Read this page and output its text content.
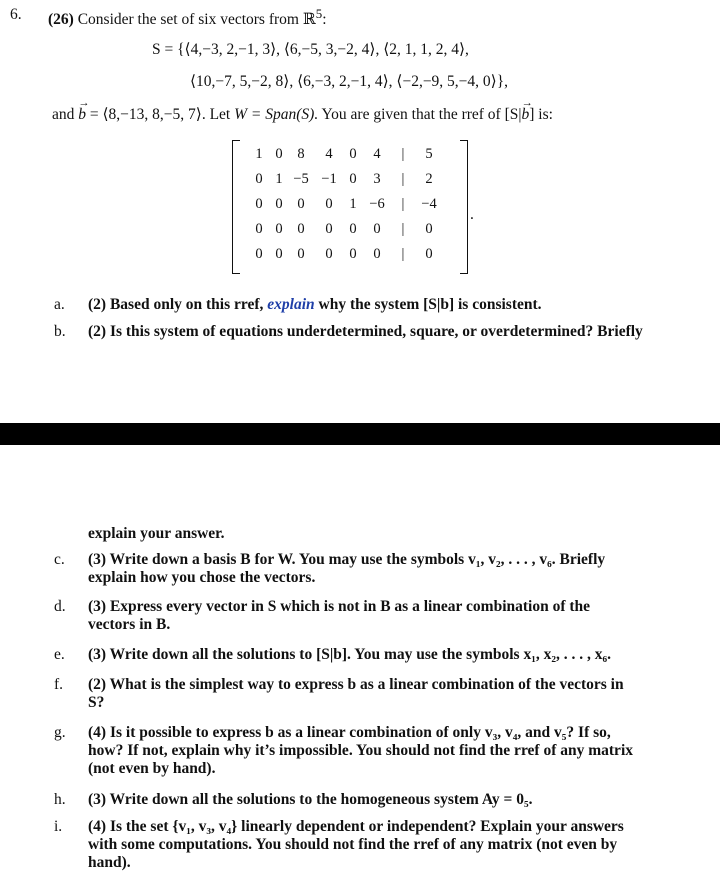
6. (26) Consider the set of six vectors from ℝ$^5$:
S = {⟨4,−3, 2,−1, 3⟩, ⟨6,−5, 3,−2, 4⟩, ⟨2, 1, 1, 2, 4⟩,
⟨10,−7, 5,−2, 8⟩, ⟨6,−3, 2,−1, 4⟩, ⟨−2,−9, 5,−4, 0⟩},
and → b = ⟨8,−13, 8,−5, 7⟩. Let W = Span(S). You are given that the rref of [S|→ b] is:
1 0	8	4	0	4	|	5
0 1 −5 −1 0	3	|	2
0 0	0	0	1 −6	|	−4
0 0	0	0	0	0	|	0
0 0	0	0	0	0	|	0
.
a.	(2) Based only on this rref, explain why the system [S|b] is consistent.
b.	(2) Is this system of equations underdetermined, square, or overdetermined? Briefly
explain your answer.
c.	(3) Write down a basis B for W. You may use the symbols v₁, v₂, . . . , v₆. Briefly
explain how you chose the vectors.
d.	(3) Express every vector in S which is not in B as a linear combination of the
vectors in B.
e.	(3) Write down all the solutions to [S|b]. You may use the symbols x₁, x₂, . . . , x₆.
f.	(2) What is the simplest way to express b as a linear combination of the vectors in
S?
g.	(4) Is it possible to express b as a linear combination of only v₃, v₄, and v₅? If so,
how? If not, explain why it’s impossible. You should not find the rref of any matrix
(not even by hand).
h.	(3) Write down all the solutions to the homogeneous system Ay = 0₅.
i.	(4) Is the set {v₁, v₃, v₄} linearly dependent or independent? Explain your answers
with some computations. You should not find the rref of any matrix (not even by
hand).
